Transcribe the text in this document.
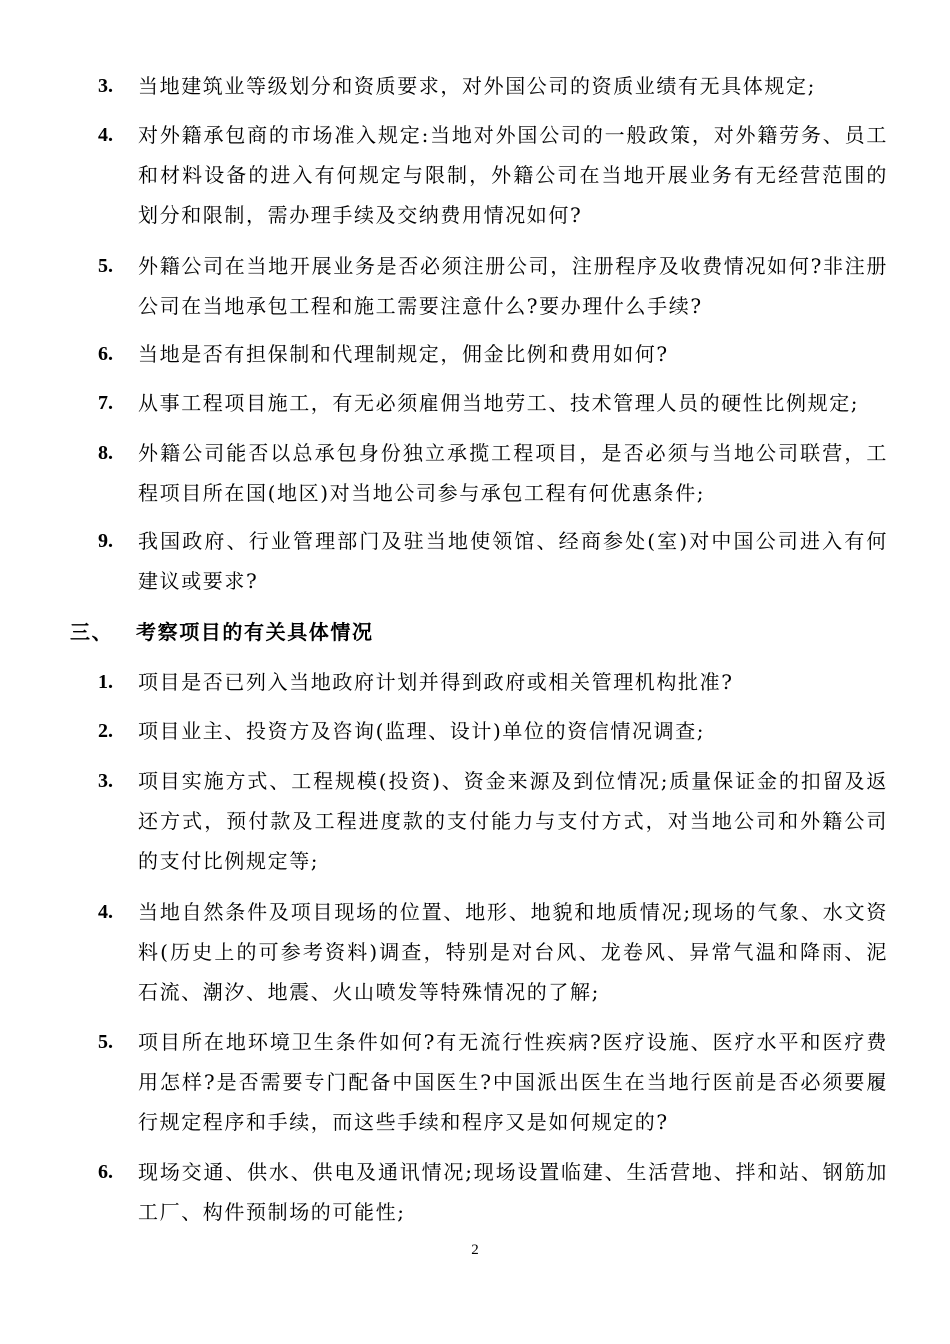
3.	当地建筑业等级划分和资质要求，对外国公司的资质业绩有无具体规定;
4.	对外籍承包商的市场准入规定:当地对外国公司的一般政策，对外籍劳务、员工和材料设备的进入有何规定与限制，外籍公司在当地开展业务有无经营范围的划分和限制，需办理手续及交纳费用情况如何?
5.	外籍公司在当地开展业务是否必须注册公司，注册程序及收费情况如何?非注册公司在当地承包工程和施工需要注意什么?要办理什么手续?
6.	当地是否有担保制和代理制规定，佣金比例和费用如何?
7.	从事工程项目施工，有无必须雇佣当地劳工、技术管理人员的硬性比例规定;
8.	外籍公司能否以总承包身份独立承揽工程项目，是否必须与当地公司联营，工程项目所在国(地区)对当地公司参与承包工程有何优惠条件;
9.	我国政府、行业管理部门及驻当地使领馆、经商参处(室)对中国公司进入有何建议或要求?
三、 考察项目的有关具体情况
1.	项目是否已列入当地政府计划并得到政府或相关管理机构批准?
2.	项目业主、投资方及咨询(监理、设计)单位的资信情况调查;
3.	项目实施方式、工程规模(投资)、资金来源及到位情况;质量保证金的扣留及返还方式，预付款及工程进度款的支付能力与支付方式，对当地公司和外籍公司的支付比例规定等;
4.	当地自然条件及项目现场的位置、地形、地貌和地质情况;现场的气象、水文资料(历史上的可参考资料)调查，特别是对台风、龙卷风、异常气温和降雨、泥石流、潮汐、地震、火山喷发等特殊情况的了解;
5.	项目所在地环境卫生条件如何?有无流行性疾病?医疗设施、医疗水平和医疗费用怎样?是否需要专门配备中国医生?中国派出医生在当地行医前是否必须要履行规定程序和手续，而这些手续和程序又是如何规定的?
6.	现场交通、供水、供电及通讯情况;现场设置临建、生活营地、拌和站、钢筋加工厂、构件预制场的可能性;
2
